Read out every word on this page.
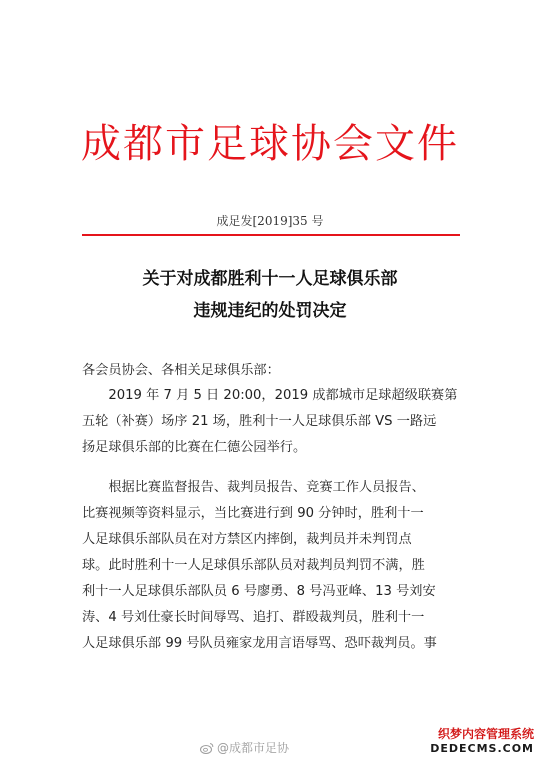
成都市足球协会文件
成足发[2019]35 号
关于对成都胜利十一人足球俱乐部
违规违纪的处罚决定

各会员协会、各相关足球俱乐部：

　　2019 年 7 月 5 日 20:00，2019 成都城市足球超级联赛第
五轮（补赛）场序 21 场，胜利十一人足球俱乐部 VS 一路远
扬足球俱乐部的比赛在仁德公园举行。

　　根据比赛监督报告、裁判员报告、竞赛工作人员报告、
比赛视频等资料显示，当比赛进行到 90 分钟时，胜利十一
人足球俱乐部队员在对方禁区内摔倒，裁判员并未判罚点
球。此时胜利十一人足球俱乐部队员对裁判员判罚不满，胜
利十一人足球俱乐部队员 6 号廖勇、8 号冯亚峰、13 号刘安
涛、4 号刘仕豪长时间辱骂、追打、群殴裁判员，胜利十一
人足球俱乐部 99 号队员雍家龙用言语辱骂、恐吓裁判员。事

@成都市足协
织梦内容管理系统
DEDECMS.COM
